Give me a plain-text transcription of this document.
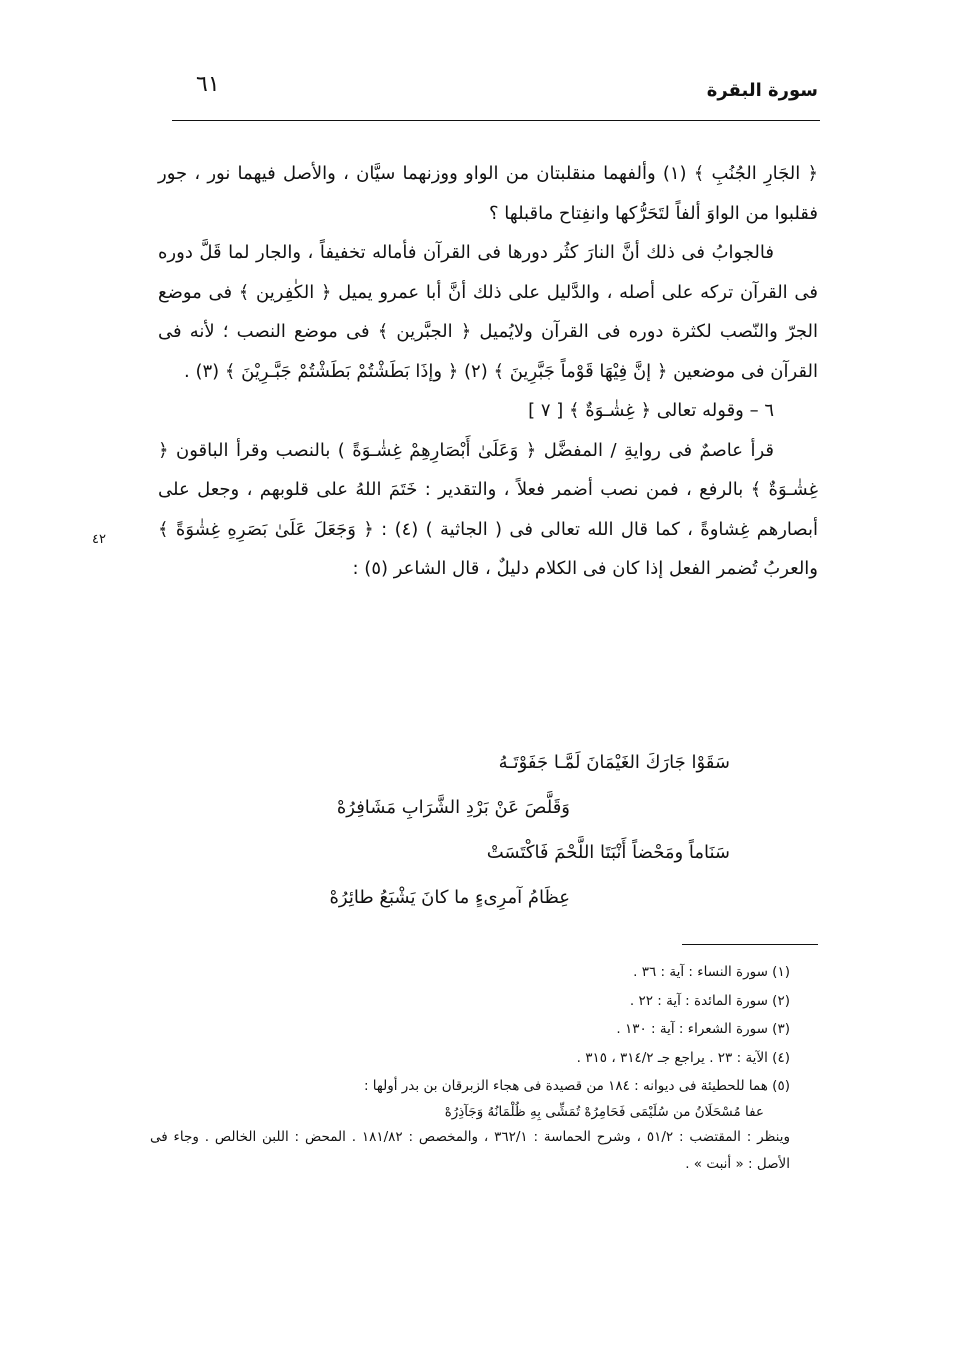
سورة البقرة
٦١

﴿ الجَارِ الجُنُبِ ﴾ (١) وألفهما منقلبتان من الواو ووزنهما سيَّان ، والأصل فيهما نور ، جور فقلبوا من الواوَ ألفاً لتَحَرُّكها وانفِتاح ماقبلها ؟

فالجوابُ فى ذلك أنَّ النارَ كثُر دورها فى القرآن فأماله تخفيفاً ، والجار لما قَلَّ دوره فى القرآن تركه على أصله ، والدَّليل على ذلك أنَّ أبا عمرو يميل ﴿ الكٰفِرين ﴾ فى موضع الجرّ والنّصب لكثرة دوره فى القرآن ولايُميل ﴿ الجبَّرين ﴾ فى موضع النصب ؛ لأنه فى القرآن فى موضعين ﴿ إنَّ فِيْهَا قَوْماً جَبَّرِينَ ﴾ (٢) ﴿ وإذَا بَطَشْتُمْ بَطَشْتُمْ جَبَّـرِيْنَ ﴾ (٣) .

٦ – وقوله تعالى ﴿ غِشٰـوَةٌ ﴾ [ ٧ ]

قرأ عاصمٌ فى روايةِ / المفضَّل ﴿ وَعَلَىٰ أَبْصَارِهِمْ غِشٰـوَةً ) بالنصب وقرأ الباقون ﴿ غِشٰـوَةٌ ﴾ بالرفع ، فمن نصب أضمر فعلاً ، والتقدير : خَتَمَ اللهُ على قلوبهم ، وجعل على أبصارهم غِشاوةً ، كما قال الله تعالى فى ( الجاثية ) (٤) : ﴿ وَجَعَلَ عَلَىٰ بَصَرِهِ غِشٰوَةً ﴾ والعربُ تُضمر الفعل إذا كان فى الكلام دليلٌ ، قال الشاعر (٥) :

٤٢
سَقَوْا جَارَكَ الغَيْمَانَ لَمَّـا جَفَوْتَـهُ
وَقَلَّصَ عَنْ بَرْدِ الشَّرَابِ مَشَافِرُهْ
سَنَاماً ومَحْضاً أَنْبَتَا اللَّحْمَ فَاكْتَسَتْ
عِظَامُ آمرِىءٍ ما كانَ يَشْبَعُ طائِرُهْ
(١) سورة النساء : آية : ٣٦ .
(٢) سورة المائدة : آية : ٢٢ .
(٣) سورة الشعراء : آية : ١٣٠ .
(٤) الآية : ٢٣ . يراجع جـ ٣١٤/٢ ، ٣١٥ .
(٥) هما للحطيئة فى ديوانه : ١٨٤ من قصيدة فى هجاء الزبرقان بن بدر أولها :
عفا مُسْحَلَانُ من سُلَيْمَى فَحَامِرُهْ تُمَشِّى بِهِ ظُلْمَانُهُ وَجَآذِرُهْ
وينظر : المقتضب : ٥١/٢ ، وشرح الحماسة : ٣٦٢/١ ، والمخصص : ١٨١/٨٢ . المحض : اللبن الخالص . وجاء فى الأصل : « أنبت » .
